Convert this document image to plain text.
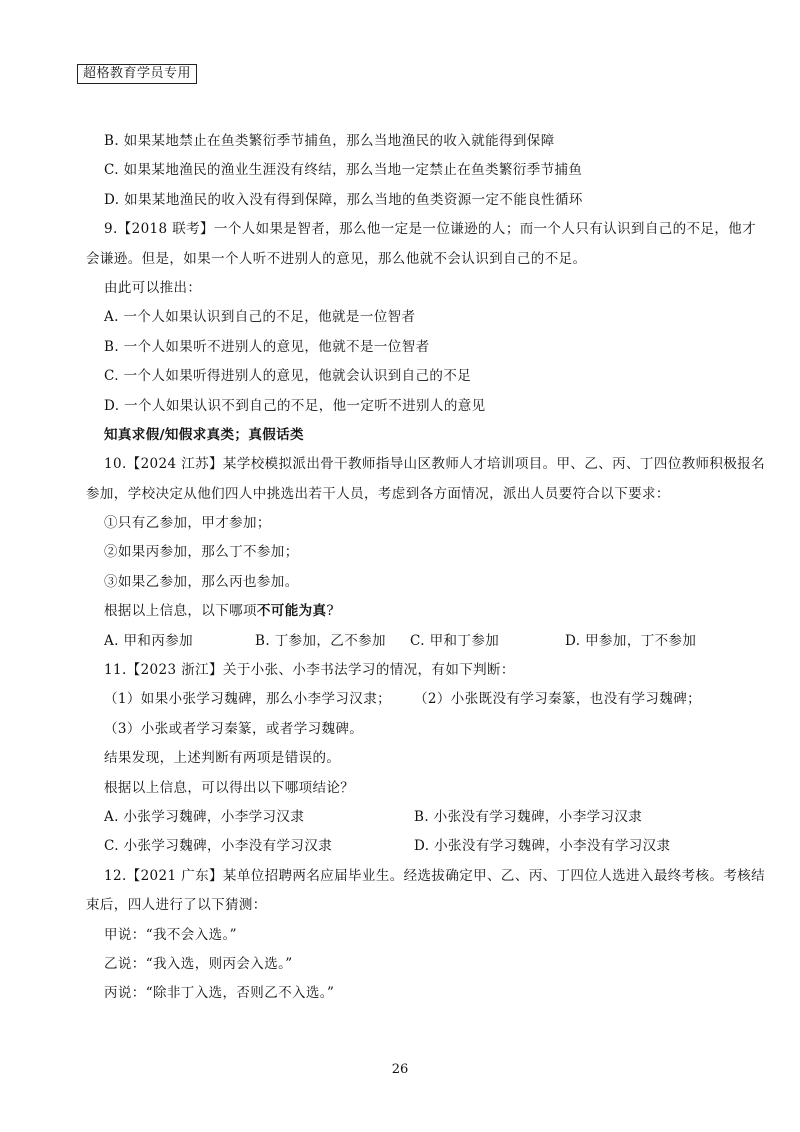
超格教育学员专用
B. 如果某地禁止在鱼类繁衍季节捕鱼，那么当地渔民的收入就能得到保障
C. 如果某地渔民的渔业生涯没有终结，那么当地一定禁止在鱼类繁衍季节捕鱼
D. 如果某地渔民的收入没有得到保障，那么当地的鱼类资源一定不能良性循环
9.【2018 联考】一个人如果是智者，那么他一定是一位谦逊的人；而一个人只有认识到自己的不足，他才
会谦逊。但是，如果一个人听不进别人的意见，那么他就不会认识到自己的不足。
由此可以推出：
A. 一个人如果认识到自己的不足，他就是一位智者
B. 一个人如果听不进别人的意见，他就不是一位智者
C. 一个人如果听得进别人的意见，他就会认识到自己的不足
D. 一个人如果认识不到自己的不足，他一定听不进别人的意见
知真求假/知假求真类；真假话类
10.【2024 江苏】某学校模拟派出骨干教师指导山区教师人才培训项目。甲、乙、丙、丁四位教师积极报名
参加，学校决定从他们四人中挑选出若干人员，考虑到各方面情况，派出人员要符合以下要求：
①只有乙参加，甲才参加；
②如果丙参加，那么丁不参加；
③如果乙参加，那么丙也参加。
根据以上信息，以下哪项不可能为真?
A. 甲和丙参加	B. 丁参加，乙不参加	C. 甲和丁参加	D. 甲参加，丁不参加
11.【2023 浙江】关于小张、小李书法学习的情况，有如下判断：
（1）如果小张学习魏碑，那么小李学习汉隶；	（2）小张既没有学习秦篆，也没有学习魏碑；
（3）小张或者学习秦篆，或者学习魏碑。
结果发现，上述判断有两项是错误的。
根据以上信息，可以得出以下哪项结论？
A. 小张学习魏碑，小李学习汉隶	B. 小张没有学习魏碑，小李学习汉隶
C. 小张学习魏碑，小李没有学习汉隶	D. 小张没有学习魏碑，小李没有学习汉隶
12.【2021 广东】某单位招聘两名应届毕业生。经选拔确定甲、乙、丙、丁四位人选进入最终考核。考核结
束后，四人进行了以下猜测：
甲说：“我不会入选。”
乙说：“我入选，则丙会入选。”
丙说：“除非丁入选，否则乙不入选。”
26
